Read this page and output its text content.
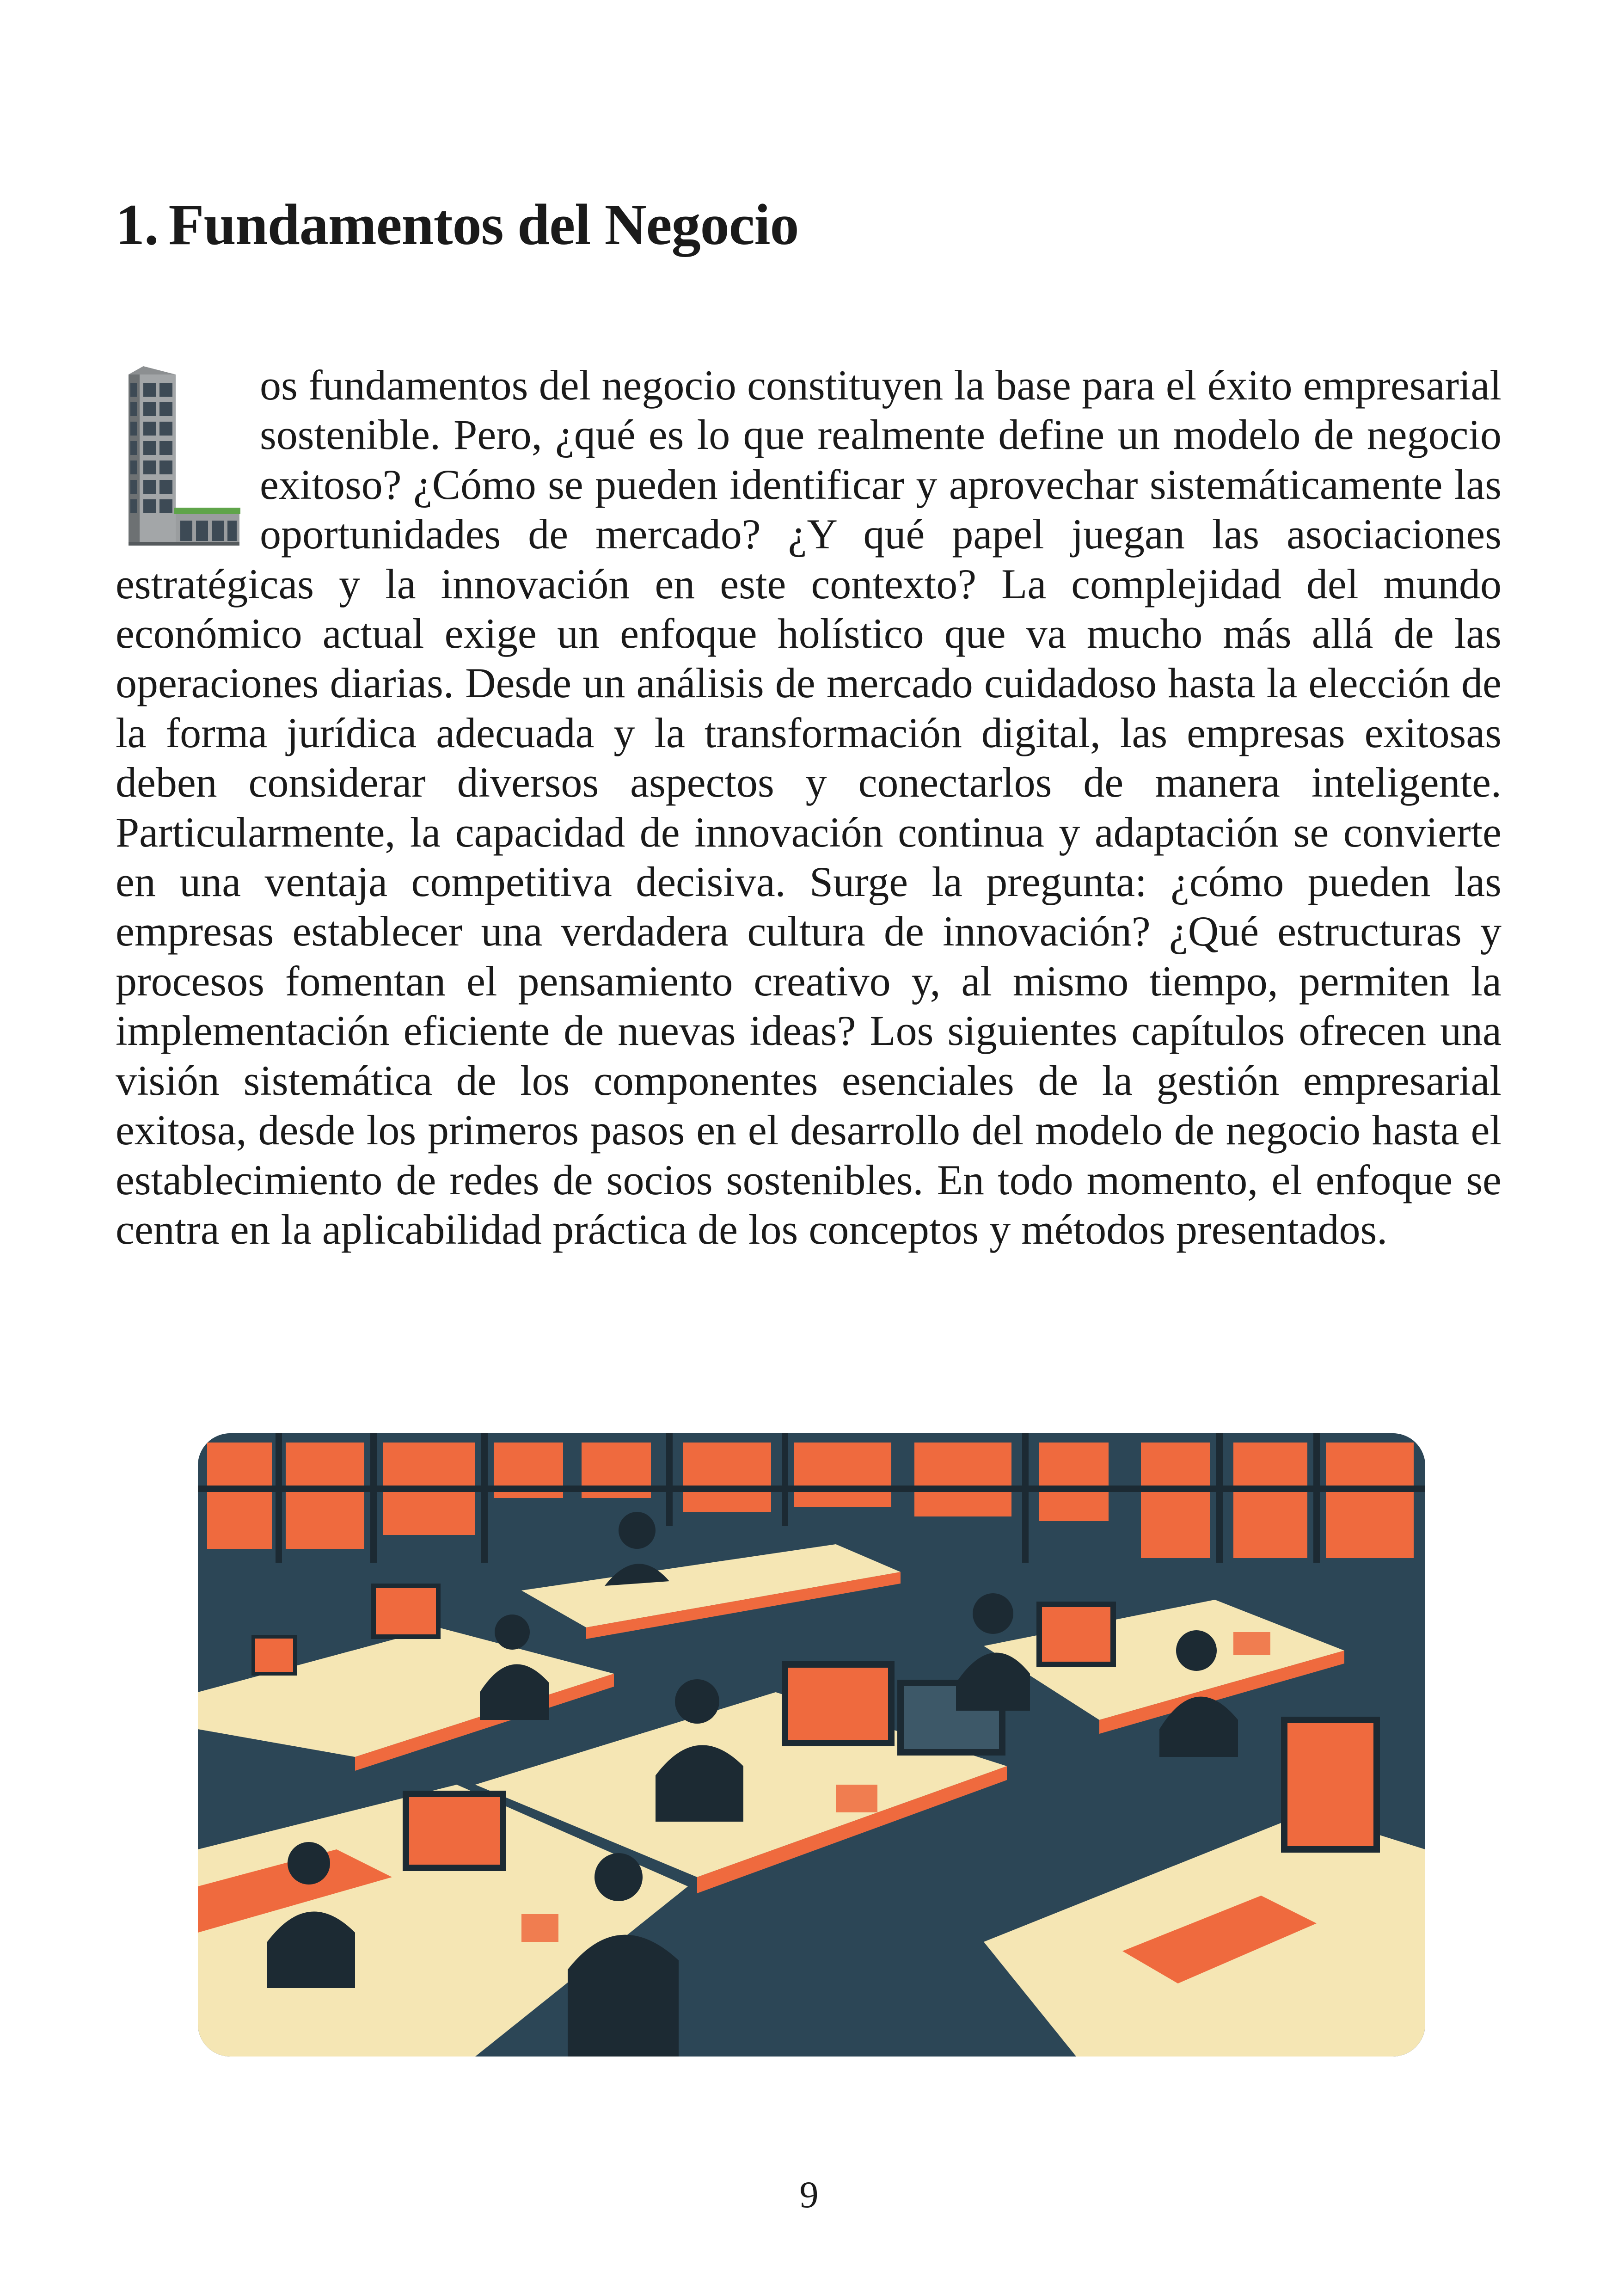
1. Fundamentos del Negocio

os fundamentos del negocio constituyen la base para el éxito empresarial sostenible. Pero, ¿qué es lo que realmente define un modelo de negocio exitoso? ¿Cómo se pueden identificar y aprovechar sistemáticamente las oportunidades de mercado? ¿Y qué papel juegan las asociaciones estratégicas y la innovación en este contexto? La complejidad del mundo económico actual exige un enfoque holístico que va mucho más allá de las operaciones diarias. Desde un análisis de mercado cuidadoso hasta la elección de la forma jurídica adecuada y la transformación digital, las empresas exitosas deben considerar diversos aspectos y conectarlos de manera inteligente. Particularmente, la capacidad de innovación continua y adaptación se convierte en una ventaja competitiva decisiva. Surge la pregunta: ¿cómo pueden las empresas establecer una verdadera cultura de innovación? ¿Qué estructuras y procesos fomentan el pensamiento creativo y, al mismo tiempo, permiten la implementación eficiente de nuevas ideas? Los siguientes capítulos ofrecen una visión sistemática de los componentes esenciales de la gestión empresarial exitosa, desde los primeros pasos en el desarrollo del modelo de negocio hasta el establecimiento de redes de socios sostenibles. En todo momento, el enfoque se centra en la aplicabilidad práctica de los conceptos y métodos presentados.

9
